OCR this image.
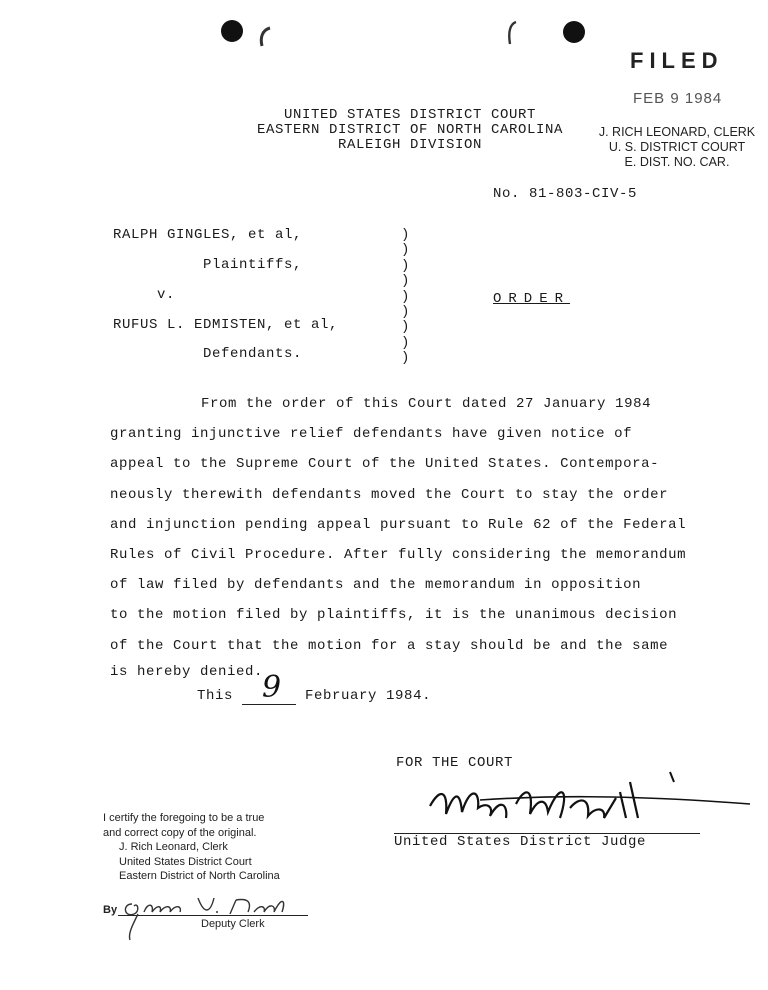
UNITED STATES DISTRICT COURT
EASTERN DISTRICT OF NORTH CAROLINA
RALEIGH DIVISION
FILED
FEB 9 1984
J. RICH LEONARD, CLERK
U. S. DISTRICT COURT
E. DIST. NO. CAR.
No. 81-803-CIV-5
RALPH GINGLES, et al,
Plaintiffs,
v.
RUFUS L. EDMISTEN, et al,
Defendants.
)
)
)
)
)
)
)
)
)
ORDER
From the order of this Court dated 27 January 1984
granting injunctive relief defendants have given notice of
appeal to the Supreme Court of the United States. Contempora-
neously therewith defendants moved the Court to stay the order
and injunction pending appeal pursuant to Rule 62 of the Federal
Rules of Civil Procedure. After fully considering the memorandum
of law filed by defendants and the memorandum in opposition
to the motion filed by plaintiffs, it is the unanimous decision
of the Court that the motion for a stay should be and the same
is hereby denied.
This 9 February 1984.
FOR THE COURT
United States District Judge
I certify the foregoing to be a true
and correct copy of the original.
J. Rich Leonard, Clerk
United States District Court
Eastern District of North Carolina
By
Deputy Clerk
